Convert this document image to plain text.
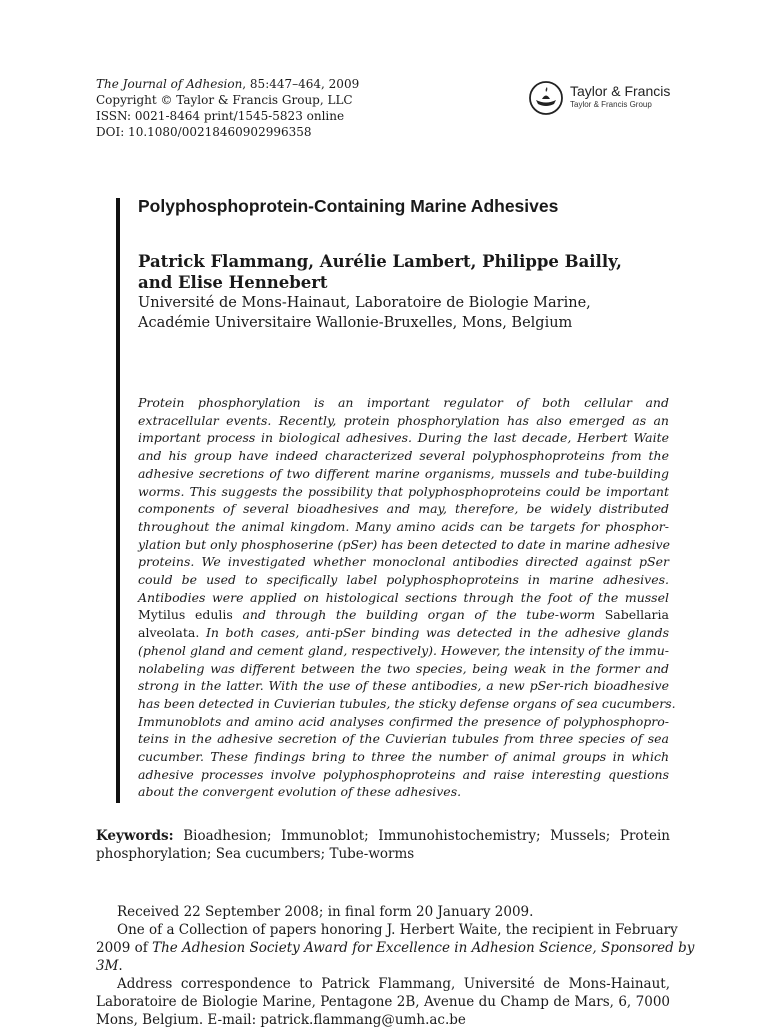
The Journal of Adhesion, 85:447–464, 2009
Copyright © Taylor & Francis Group, LLC
ISSN: 0021-8464 print/1545-5823 online
DOI: 10.1080/00218460902996358
Taylor & Francis
Taylor & Francis Group
Polyphosphoprotein-Containing Marine Adhesives
Patrick Flammang, Aurélie Lambert, Philippe Bailly,
and Elise Hennebert
Université de Mons-Hainaut, Laboratoire de Biologie Marine,
Académie Universitaire Wallonie-Bruxelles, Mons, Belgium
Protein phosphorylation is an important regulator of both cellular and
extracellular events. Recently, protein phosphorylation has also emerged as an
important process in biological adhesives. During the last decade, Herbert Waite
and his group have indeed characterized several polyphosphoproteins from the
adhesive secretions of two different marine organisms, mussels and tube-building
worms. This suggests the possibility that polyphosphoproteins could be important
components of several bioadhesives and may, therefore, be widely distributed
throughout the animal kingdom. Many amino acids can be targets for phosphor-
ylation but only phosphoserine (pSer) has been detected to date in marine adhesive
proteins. We investigated whether monoclonal antibodies directed against pSer
could be used to specifically label polyphosphoproteins in marine adhesives.
Antibodies were applied on histological sections through the foot of the mussel
Mytilus edulis and through the building organ of the tube-worm Sabellaria
alveolata. In both cases, anti-pSer binding was detected in the adhesive glands
(phenol gland and cement gland, respectively). However, the intensity of the immu-
nolabeling was different between the two species, being weak in the former and
strong in the latter. With the use of these antibodies, a new pSer-rich bioadhesive
has been detected in Cuvierian tubules, the sticky defense organs of sea cucumbers.
Immunoblots and amino acid analyses confirmed the presence of polyphosphopro-
teins in the adhesive secretion of the Cuvierian tubules from three species of sea
cucumber. These findings bring to three the number of animal groups in which
adhesive processes involve polyphosphoproteins and raise interesting questions
about the convergent evolution of these adhesives.
Keywords: Bioadhesion; Immunoblot; Immunohistochemistry; Mussels; Protein
phosphorylation; Sea cucumbers; Tube-worms
Received 22 September 2008; in final form 20 January 2009.
One of a Collection of papers honoring J. Herbert Waite, the recipient in February
2009 of The Adhesion Society Award for Excellence in Adhesion Science, Sponsored by
3M.
Address correspondence to Patrick Flammang, Université de Mons-Hainaut,
Laboratoire de Biologie Marine, Pentagone 2B, Avenue du Champ de Mars, 6, 7000
Mons, Belgium. E-mail: patrick.flammang@umh.ac.be
